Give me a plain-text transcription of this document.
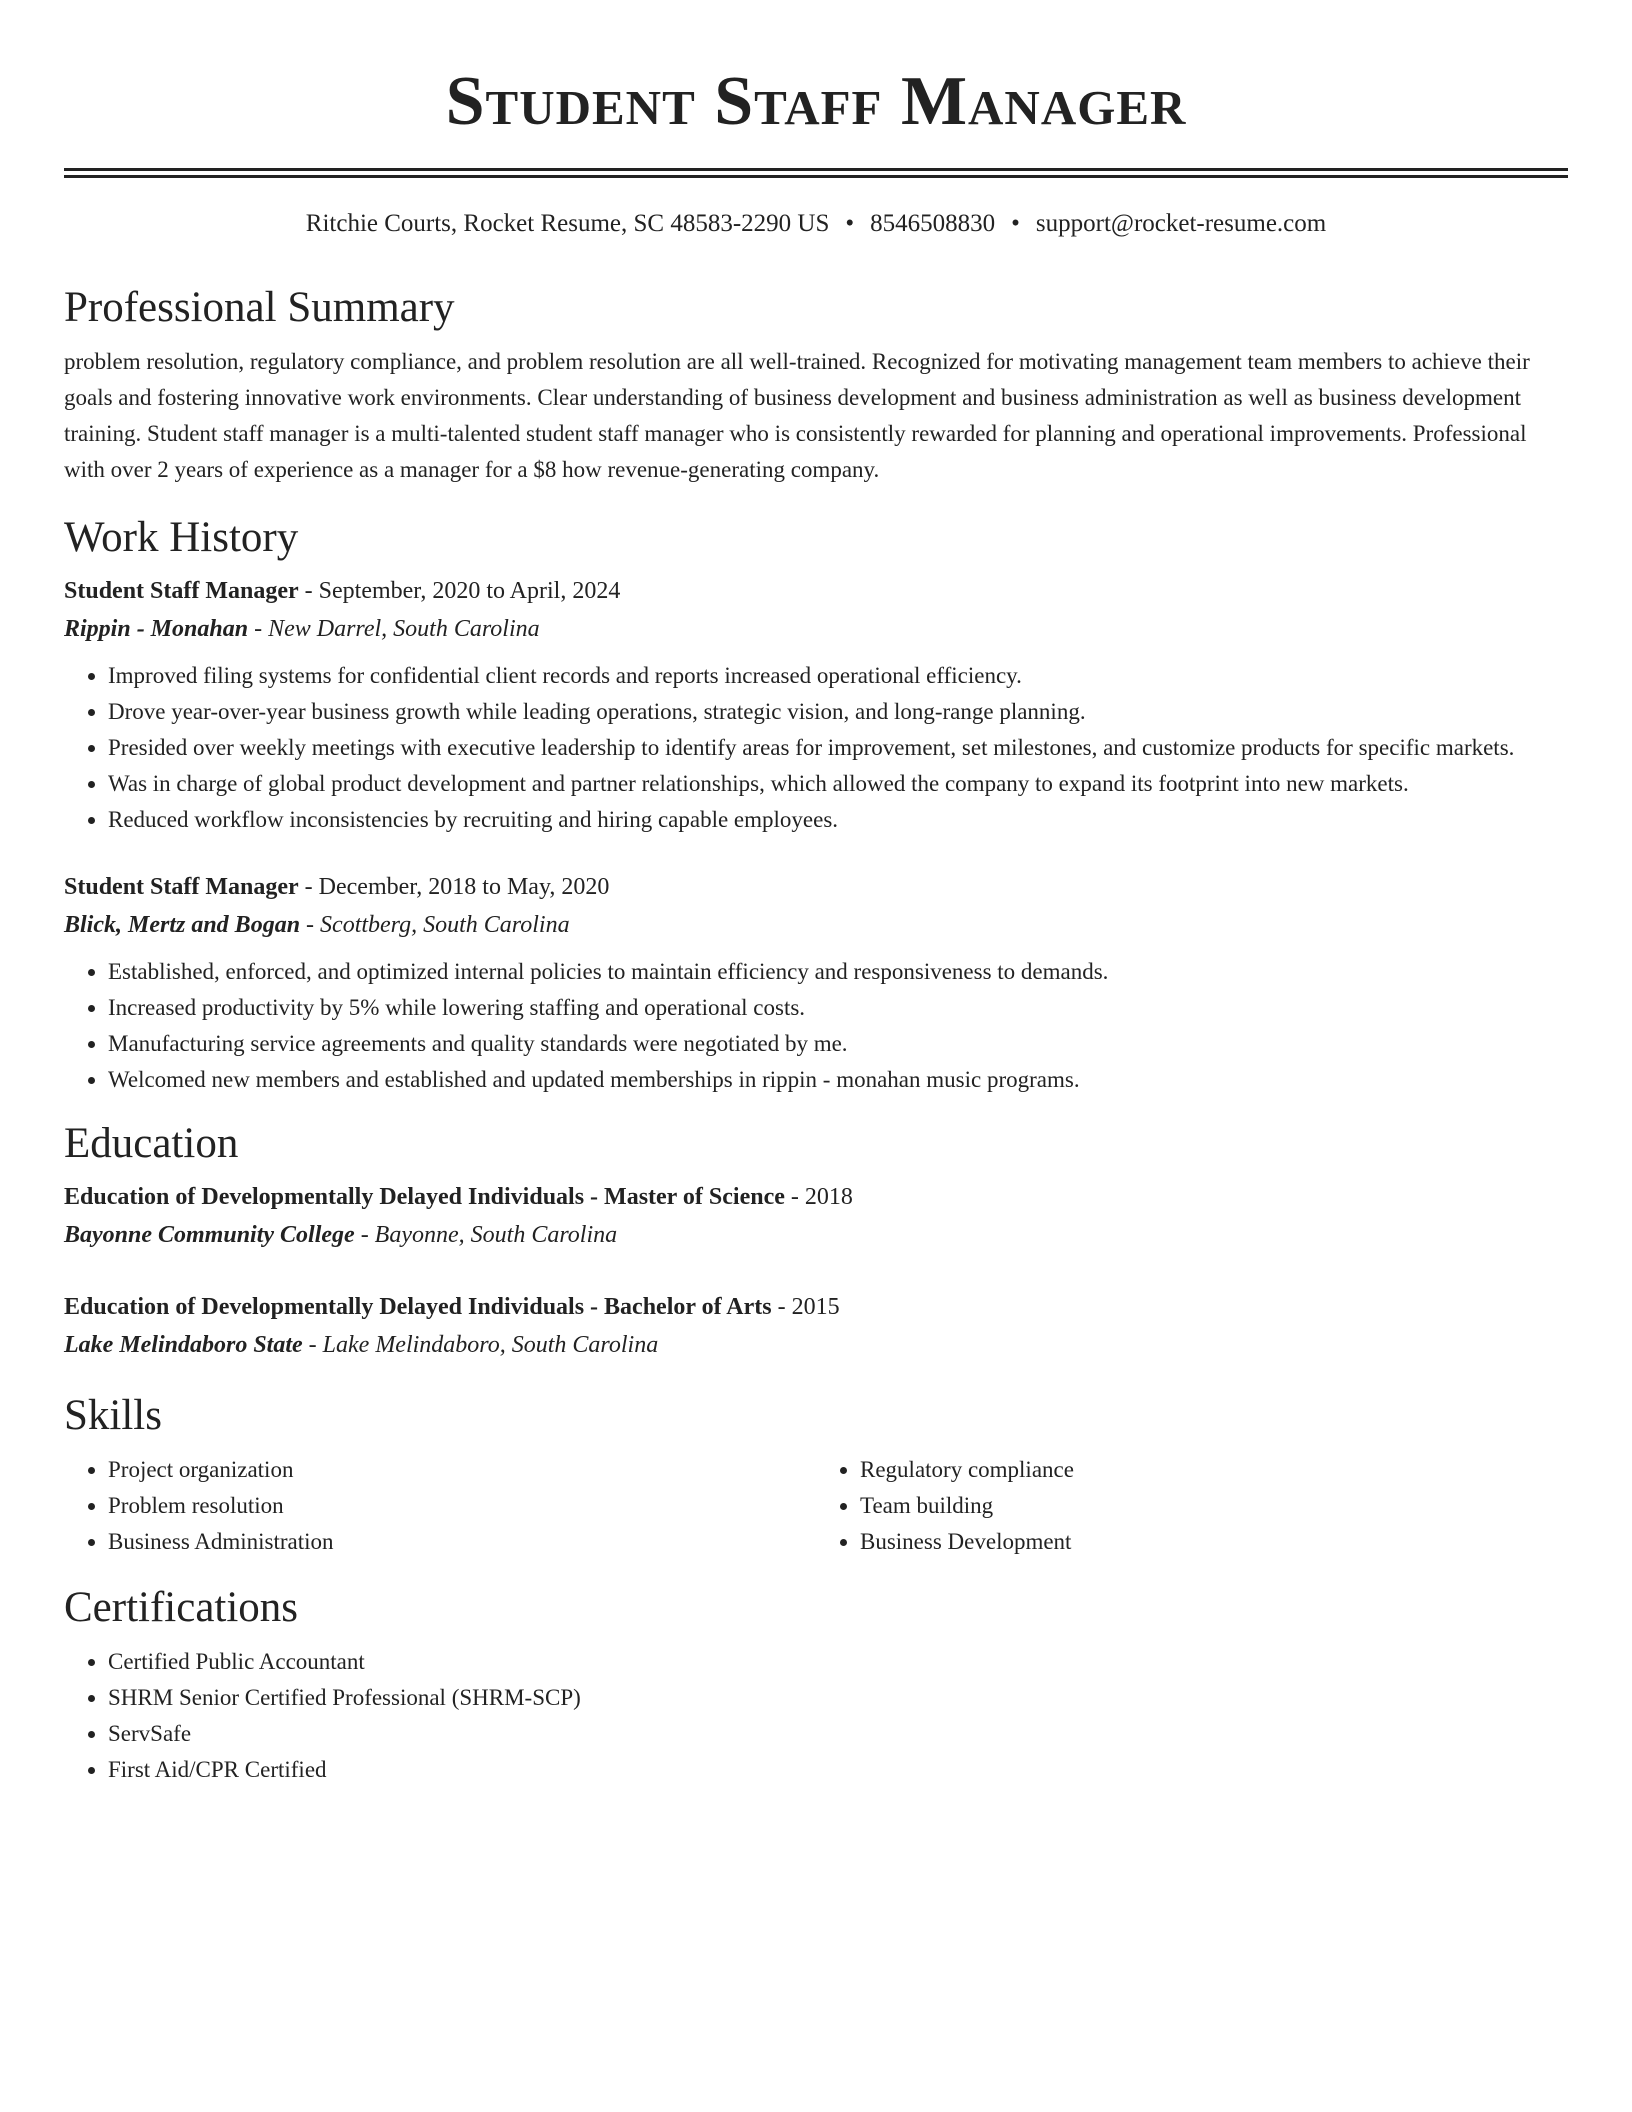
Student Staff Manager
Ritchie Courts, Rocket Resume, SC 48583-2290 US • 8546508830 • support@rocket-resume.com
Professional Summary

problem resolution, regulatory compliance, and problem resolution are all well-trained. Recognized for motivating management team members to achieve their goals and fostering innovative work environments. Clear understanding of business development and business administration as well as business development training. Student staff manager is a multi-talented student staff manager who is consistently rewarded for planning and operational improvements. Professional with over 2 years of experience as a manager for a $8 how revenue-generating company.

Work History
Student Staff Manager - September, 2020 to April, 2024
Rippin - Monahan - New Darrel, South Carolina
• Improved filing systems for confidential client records and reports increased operational efficiency.
• Drove year-over-year business growth while leading operations, strategic vision, and long-range planning.
• Presided over weekly meetings with executive leadership to identify areas for improvement, set milestones, and customize products for specific markets.
• Was in charge of global product development and partner relationships, which allowed the company to expand its footprint into new markets.
• Reduced workflow inconsistencies by recruiting and hiring capable employees.
Student Staff Manager - December, 2018 to May, 2020
Blick, Mertz and Bogan - Scottberg, South Carolina
• Established, enforced, and optimized internal policies to maintain efficiency and responsiveness to demands.
• Increased productivity by 5% while lowering staffing and operational costs.
• Manufacturing service agreements and quality standards were negotiated by me.
• Welcomed new members and established and updated memberships in rippin - monahan music programs.
Education
Education of Developmentally Delayed Individuals - Master of Science - 2018
Bayonne Community College - Bayonne, South Carolina
Education of Developmentally Delayed Individuals - Bachelor of Arts - 2015
Lake Melindaboro State - Lake Melindaboro, South Carolina
Skills
• Project organization
• Problem resolution
• Business Administration
• Regulatory compliance
• Team building
• Business Development
Certifications
• Certified Public Accountant
• SHRM Senior Certified Professional (SHRM-SCP)
• ServSafe
• First Aid/CPR Certified
